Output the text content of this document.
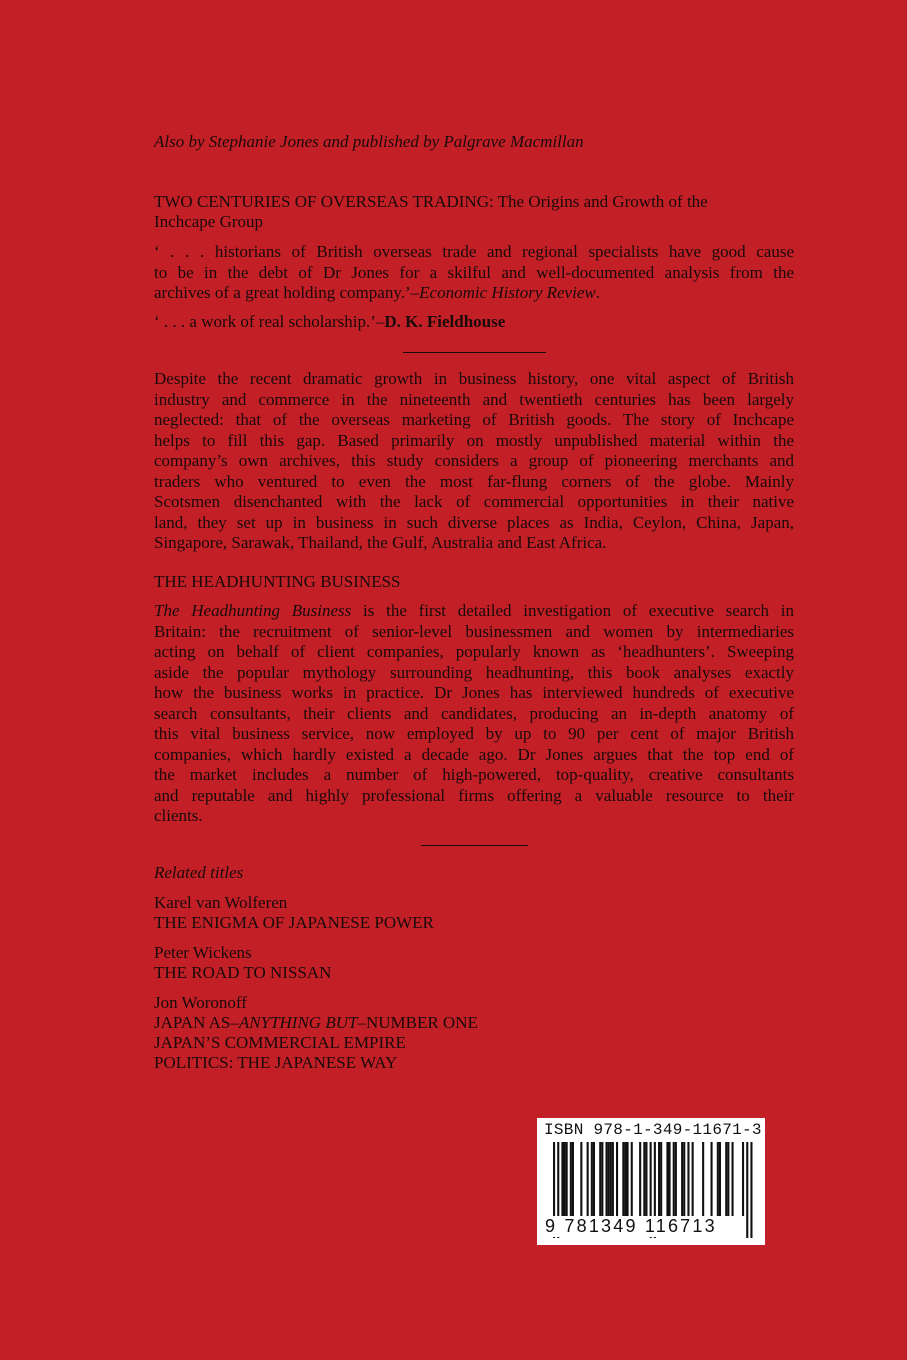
Also by Stephanie Jones and published by Palgrave Macmillan

TWO CENTURIES OF OVERSEAS TRADING: The Origins and Growth of the

Inchcape Group

‘ . . . historians of British overseas trade and regional specialists have good cause
to be in the debt of Dr Jones for a skilful and well-documented analysis from the
archives of a great holding company.’–Economic History Review.

‘ . . . a work of real scholarship.’–D. K. Fieldhouse

Despite the recent dramatic growth in business history, one vital aspect of British
industry and commerce in the nineteenth and twentieth centuries has been largely
neglected: that of the overseas marketing of British goods. The story of Inchcape
helps to fill this gap. Based primarily on mostly unpublished material within the
company’s own archives, this study considers a group of pioneering merchants and
traders who ventured to even the most far-flung corners of the globe. Mainly
Scotsmen disenchanted with the lack of commercial opportunities in their native
land, they set up in business in such diverse places as India, Ceylon, China, Japan,
Singapore, Sarawak, Thailand, the Gulf, Australia and East Africa.

THE HEADHUNTING BUSINESS

The Headhunting Business is the first detailed investigation of executive search in
Britain: the recruitment of senior-level businessmen and women by intermediaries
acting on behalf of client companies, popularly known as ‘headhunters’. Sweeping
aside the popular mythology surrounding headhunting, this book analyses exactly
how the business works in practice. Dr Jones has interviewed hundreds of executive
search consultants, their clients and candidates, producing an in-depth anatomy of
this vital business service, now employed by up to 90 per cent of major British
companies, which hardly existed a decade ago. Dr Jones argues that the top end of
the market includes a number of high-powered, top-quality, creative consultants
and reputable and highly professional firms offering a valuable resource to their
clients.

Related titles

Karel van Wolferen

THE ENIGMA OF JAPANESE POWER

Peter Wickens

THE ROAD TO NISSAN

Jon Woronoff

JAPAN AS–ANYTHING BUT–NUMBER ONE

JAPAN’S COMMERCIAL EMPIRE

POLITICS: THE JAPANESE WAY

ISBN 978-1-349-11671-3

9 781349 116713
